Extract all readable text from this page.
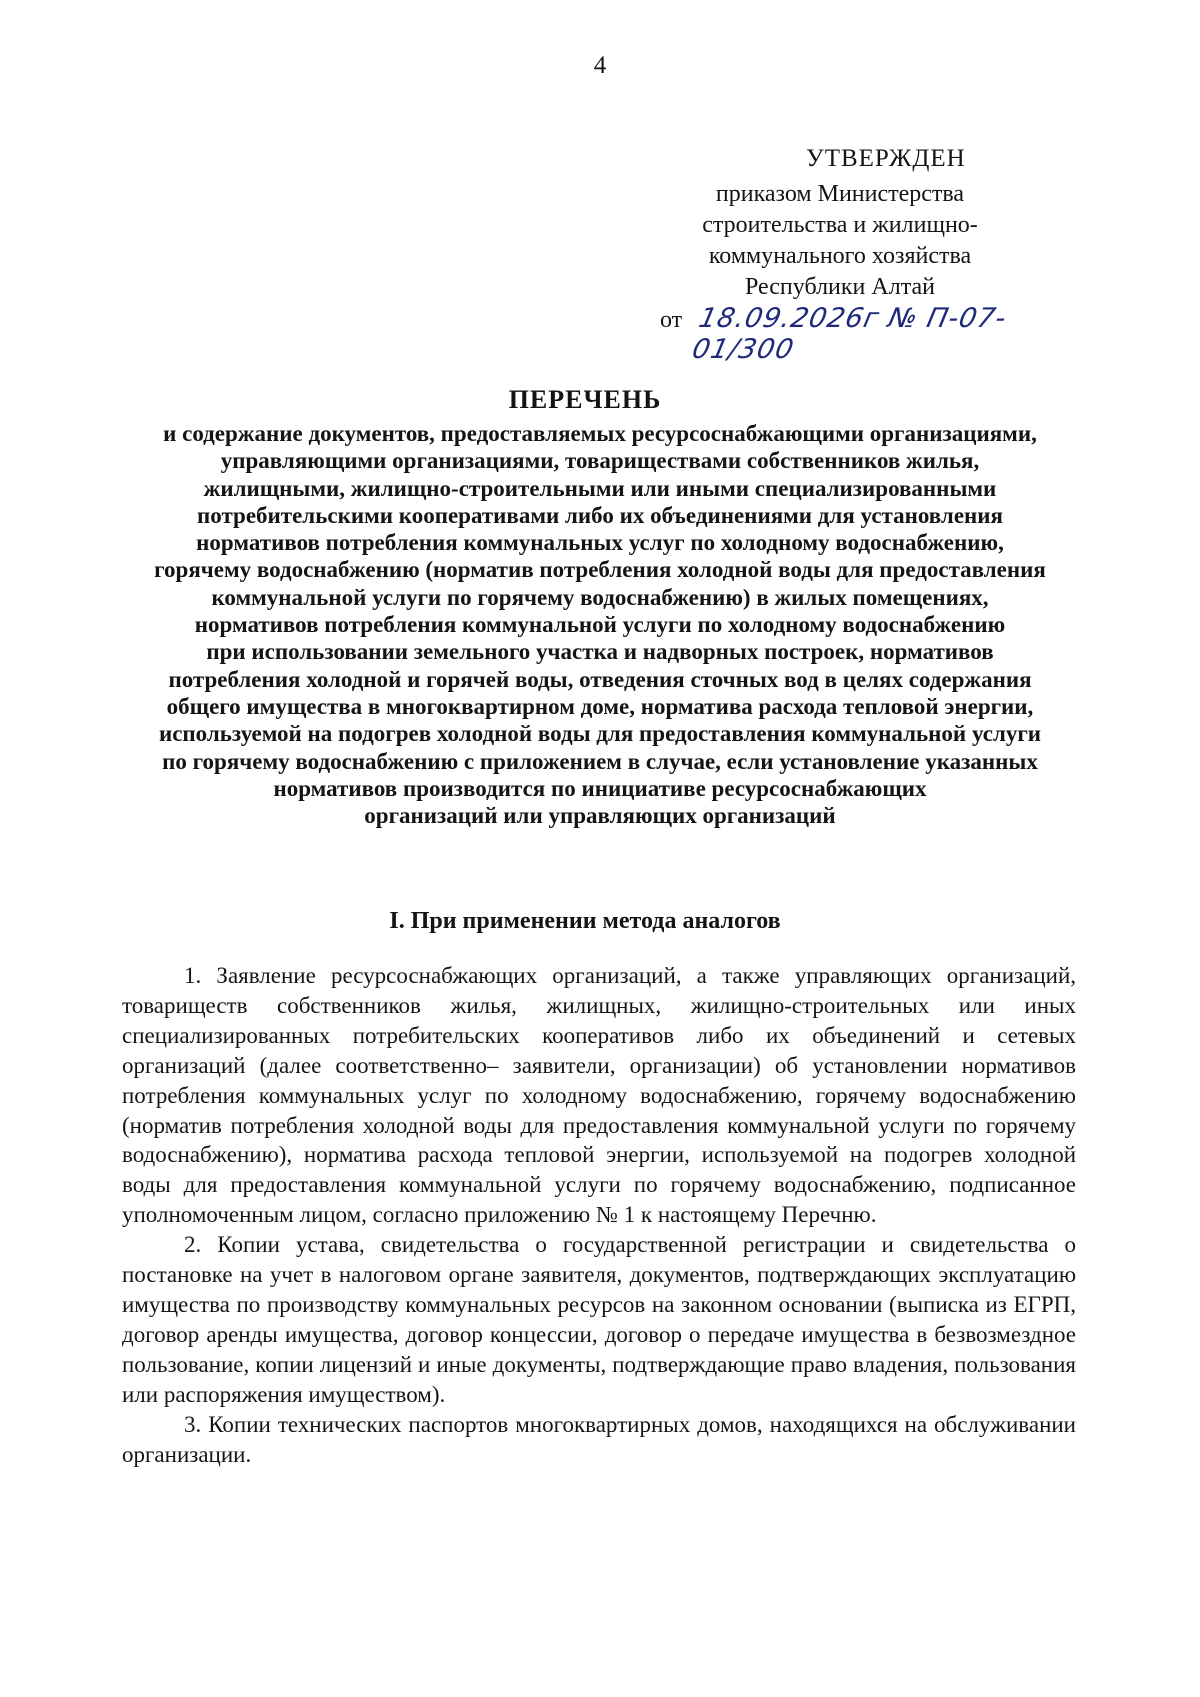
4
УТВЕРЖДЕН
приказом Министерства
строительства и жилищно-
коммунального хозяйства
Республики Алтай
от 18.09.2026г № П-07-01/300
ПЕРЕЧЕНЬ
и содержание документов, предоставляемых ресурсоснабжающими организациями,
управляющими организациями, товариществами собственников жилья,
жилищными, жилищно-строительными или иными специализированными
потребительскими кооперативами либо их объединениями для установления
нормативов потребления коммунальных услуг по холодному водоснабжению,
горячему водоснабжению (норматив потребления холодной воды для предоставления
коммунальной услуги по горячему водоснабжению) в жилых помещениях,
нормативов потребления коммунальной услуги по холодному водоснабжению
при использовании земельного участка и надворных построек, нормативов
потребления холодной и горячей воды, отведения сточных вод в целях содержания
общего имущества в многоквартирном доме, норматива расхода тепловой энергии,
используемой на подогрев холодной воды для предоставления коммунальной услуги
по горячему водоснабжению с приложением в случае, если установление указанных
нормативов производится по инициативе ресурсоснабжающих
организаций или управляющих организаций
I. При применении метода аналогов

1. Заявление ресурсоснабжающих организаций, а также управляющих организаций, товариществ собственников жилья, жилищных, жилищно-строительных или иных специализированных потребительских кооперативов либо их объединений и сетевых организаций (далее соответственно– заявители, организации) об установлении нормативов потребления коммунальных услуг по холодному водоснабжению, горячему водоснабжению (норматив потребления холодной воды для предоставления коммунальной услуги по горячему водоснабжению), норматива расхода тепловой энергии, используемой на подогрев холодной воды для предоставления коммунальной услуги по горячему водоснабжению, подписанное уполномоченным лицом, согласно приложению № 1 к настоящему Перечню.

2. Копии устава, свидетельства о государственной регистрации и свидетельства о постановке на учет в налоговом органе заявителя, документов, подтверждающих эксплуатацию имущества по производству коммунальных ресурсов на законном основании (выписка из ЕГРП, договор аренды имущества, договор концессии, договор о передаче имущества в безвозмездное пользование, копии лицензий и иные документы, подтверждающие право владения, пользования или распоряжения имуществом).

3. Копии технических паспортов многоквартирных домов, находящихся на обслуживании организации.
